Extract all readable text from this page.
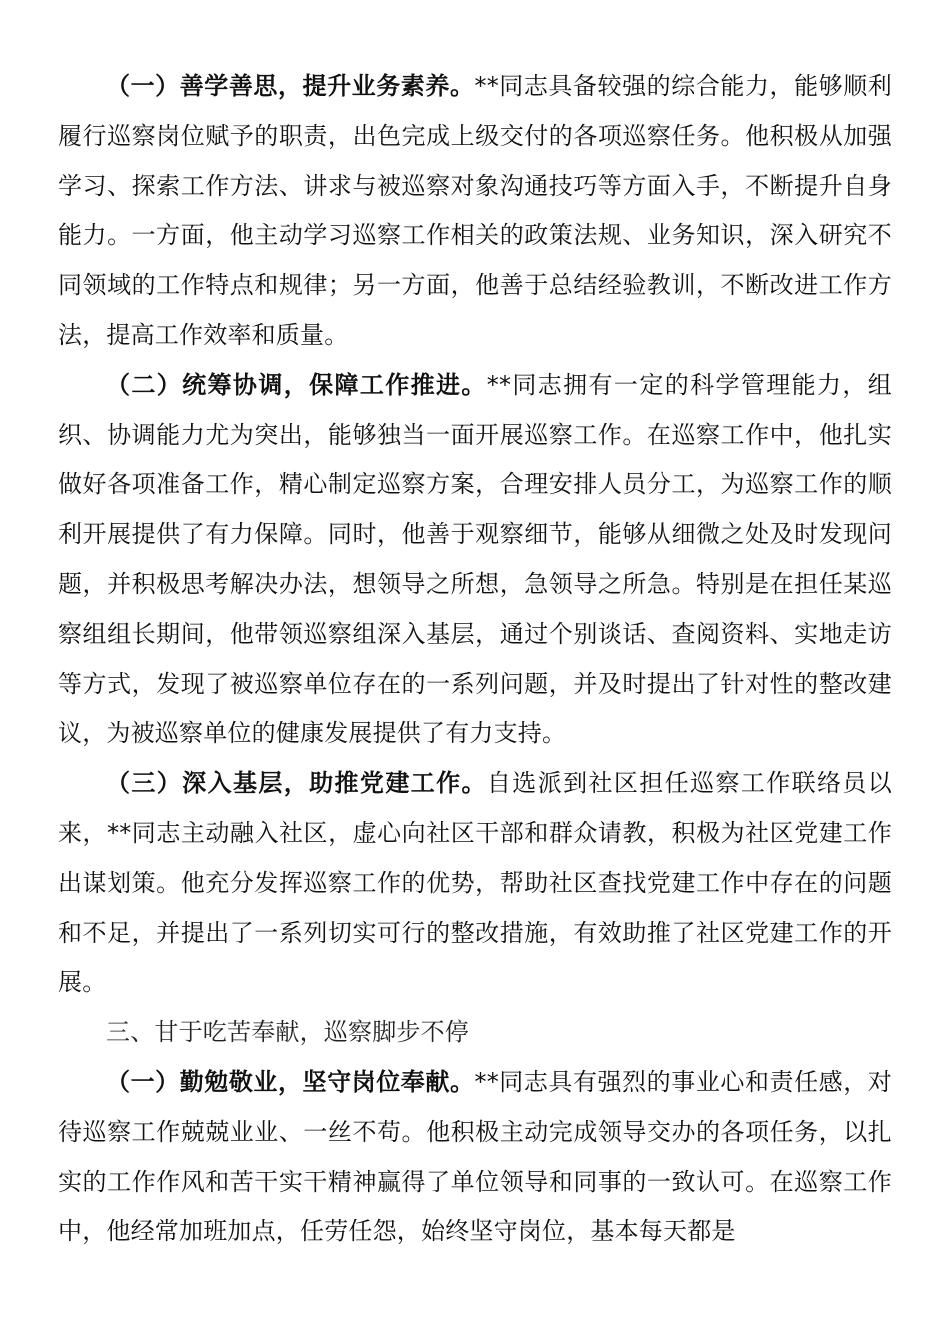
（一）善学善思，提升业务素养。**同志具备较强的综合能力，能够顺利履行巡察岗位赋予的职责，出色完成上级交付的各项巡察任务。他积极从加强学习、探索工作方法、讲求与被巡察对象沟通技巧等方面入手，不断提升自身能力。一方面，他主动学习巡察工作相关的政策法规、业务知识，深入研究不同领域的工作特点和规律；另一方面，他善于总结经验教训，不断改进工作方法，提高工作效率和质量。

（二）统筹协调，保障工作推进。**同志拥有一定的科学管理能力，组织、协调能力尤为突出，能够独当一面开展巡察工作。在巡察工作中，他扎实做好各项准备工作，精心制定巡察方案，合理安排人员分工，为巡察工作的顺利开展提供了有力保障。同时，他善于观察细节，能够从细微之处及时发现问题，并积极思考解决办法，想领导之所想，急领导之所急。特别是在担任某巡察组组长期间，他带领巡察组深入基层，通过个别谈话、查阅资料、实地走访等方式，发现了被巡察单位存在的一系列问题，并及时提出了针对性的整改建议，为被巡察单位的健康发展提供了有力支持。

（三）深入基层，助推党建工作。自选派到社区担任巡察工作联络员以来，**同志主动融入社区，虚心向社区干部和群众请教，积极为社区党建工作出谋划策。他充分发挥巡察工作的优势，帮助社区查找党建工作中存在的问题和不足，并提出了一系列切实可行的整改措施，有效助推了社区党建工作的开展。

三、甘于吃苦奉献，巡察脚步不停

（一）勤勉敬业，坚守岗位奉献。**同志具有强烈的事业心和责任感，对待巡察工作兢兢业业、一丝不苟。他积极主动完成领导交办的各项任务，以扎实的工作作风和苦干实干精神赢得了单位领导和同事的一致认可。在巡察工作中，他经常加班加点，任劳任怨，始终坚守岗位，基本每天都是
